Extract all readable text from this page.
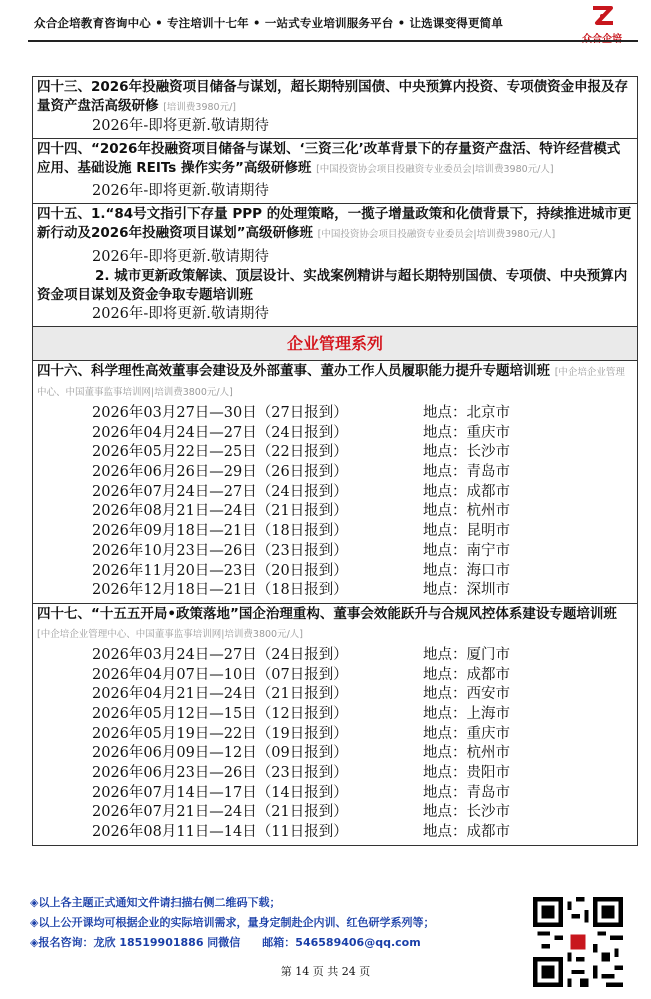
众合企培教育咨询中心 • 专注培训十七年 • 一站式专业培训服务平台 • 让选课变得更简单
众合企培
四十三、2026年投融资项目储备与谋划，超长期特别国债、中央预算内投资、专项债资金申报及存量资产盘活高级研修 [培训费3980元/]
2026年-即将更新.敬请期待
四十四、“2026年投融资项目储备与谋划、‘三资三化’改革背景下的存量资产盘活、特许经营模式应用、基础设施 REITs 操作实务”高级研修班 [中国投资协会项目投融资专业委员会|培训费3980元/人]
2026年-即将更新.敬请期待
四十五、1.“84号文指引下存量 PPP 的处理策略，一揽子增量政策和化债背景下，持续推进城市更新行动及2026年投融资项目谋划”高级研修班 [中国投资协会项目投融资专业委员会|培训费3980元/人]
2026年-即将更新.敬请期待
2. 城市更新政策解读、顶层设计、实战案例精讲与超长期特别国债、专项债、中央预算内资金项目谋划及资金争取专题培训班
2026年-即将更新.敬请期待
企业管理系列
四十六、科学理性高效董事会建设及外部董事、董办工作人员履职能力提升专题培训班 [中企培企业管理中心、中国董事监事培训网|培训费3800元/人]
2026年03月27日—30日（27日报到）	地点：北京市
2026年04月24日—27日（24日报到）	地点：重庆市
2026年05月22日—25日（22日报到）	地点：长沙市
2026年06月26日—29日（26日报到）	地点：青岛市
2026年07月24日—27日（24日报到）	地点：成都市
2026年08月21日—24日（21日报到）	地点：杭州市
2026年09月18日—21日（18日报到）	地点：昆明市
2026年10月23日—26日（23日报到）	地点：南宁市
2026年11月20日—23日（20日报到）	地点：海口市
2026年12月18日—21日（18日报到）	地点：深圳市
四十七、“十五五开局•政策落地”国企治理重构、董事会效能跃升与合规风控体系建设专题培训班 [中企培企业管理中心、中国董事监事培训网|培训费3800元/人]
2026年03月24日—27日（24日报到）	地点：厦门市
2026年04月07日—10日（07日报到）	地点：成都市
2026年04月21日—24日（21日报到）	地点：西安市
2026年05月12日—15日（12日报到）	地点：上海市
2026年05月19日—22日（19日报到）	地点：重庆市
2026年06月09日—12日（09日报到）	地点：杭州市
2026年06月23日—26日（23日报到）	地点：贵阳市
2026年07月14日—17日（14日报到）	地点：青岛市
2026年07月21日—24日（21日报到）	地点：长沙市
2026年08月11日—14日（11日报到）	地点：成都市
◈以上各主题正式通知文件请扫描右侧二维码下载；
◈以上公开课均可根据企业的实际培训需求，量身定制赴企内训、红色研学系列等；
◈报名咨询：龙欣 18519901886 同微信　　邮箱：546589406@qq.com
第 14 页 共 24 页
